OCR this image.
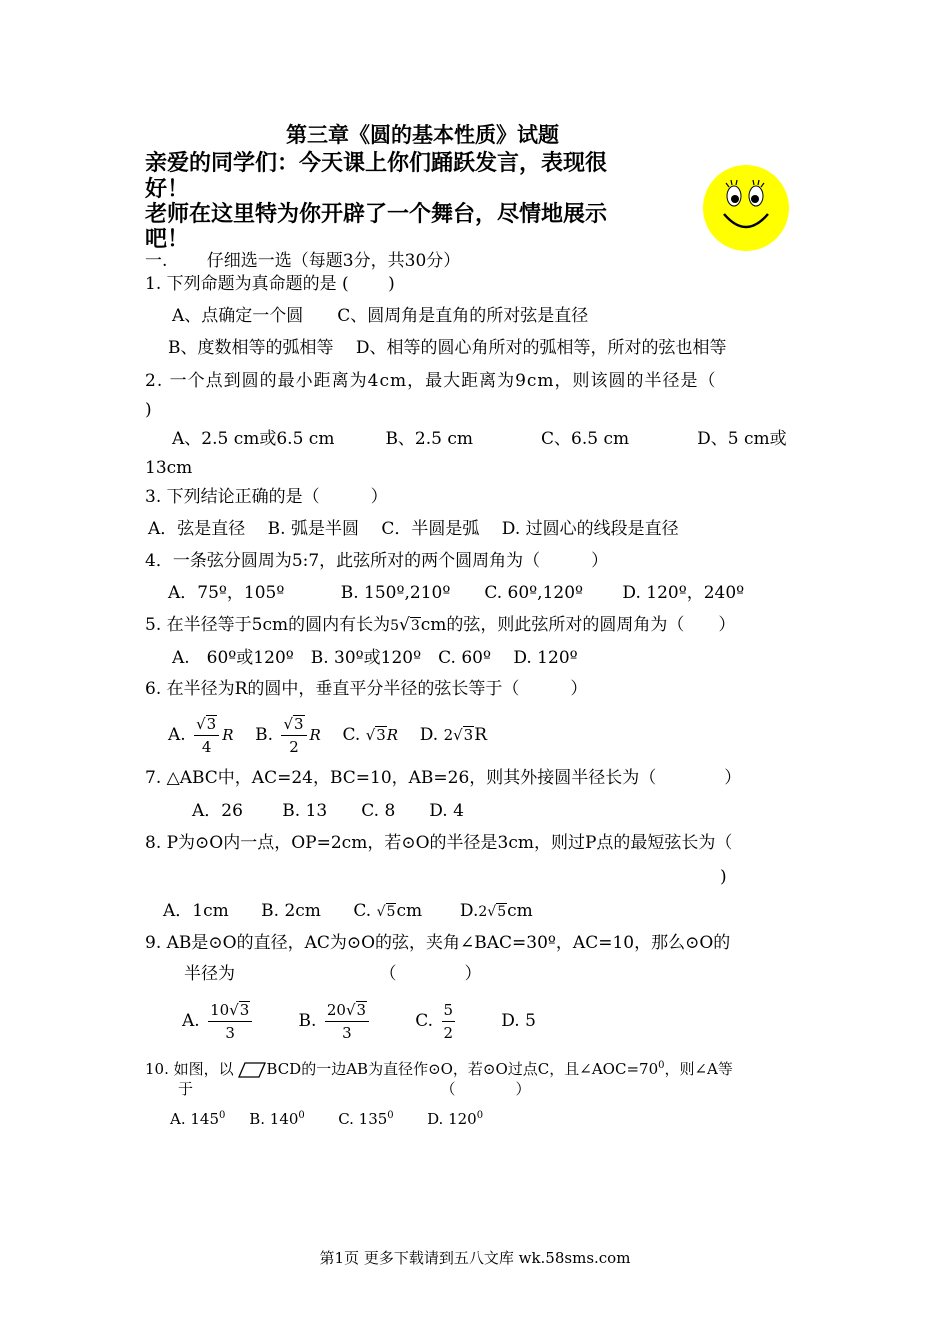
第三章《圆的基本性质》试题
亲爱的同学们：今天课上你们踊跃发言，表现很
好！
老师在这里特为你开辟了一个舞台，尽情地展示
吧！
一.　　 仔细选一选（每题3分，共30分）
1. 下列命题为真命题的是 (　　 )
A、点确定一个圆　　C、圆周角是直角的所对弦是直径
B、度数相等的弧相等　 D、相等的圆心角所对的弧相等，所对的弦也相等
2. 一个点到圆的最小距离为4cm，最大距离为9cm，则该圆的半径是（
)
A、2.5 cm或6.5 cm　　　B、2.5 cm　　　　C、6.5 cm　　　　D、5 cm或
13cm
3. 下列结论正确的是（　　　）
A．弦是直径　 B. 弧是半圆　 C．半圆是弧　 D. 过圆心的线段是直径
4．一条弦分圆周为5:7，此弦所对的两个圆周角为（　　　）
A．75º，105º　　　 B. 150º,210º　　C. 60º,120º　　 D. 120º，240º
5. 在半径等于5cm的圆内有长为5√3cm的弦，则此弦所对的圆周角为（　　）
A.　60º或120º　B. 30º或120º　C. 60º　 D. 120º
6. 在半径为R的圆中，垂直平分半径的弦长等于（　　　）
A. $\frac{√3}{4}$ R B. $\frac{√3}{2}$ R C. √3R D. 2√3R
7. △ABC中，AC=24，BC=10，AB=26，则其外接圆半径长为（　　　　）
A．26　　 B. 13　　C. 8　　D. 4
8. P为⊙O内一点，OP=2cm，若⊙O的半径是3cm，则过P点的最短弦长为（
)
A．1cm B. 2cm C. √5cm D.2√5cm
9. AB是⊙O的直径，AC为⊙O的弦，夹角∠BAC=30º，AC=10，那么⊙O的
半径为　　　　　　　　　（　　　　）
A. $\frac{10√3}{3}$	B. $\frac{20√3}{3}$	C. $\frac{5}{2}$	D. 5
10. 如图，以 BCD的一边AB为直径作⊙O，若⊙O过点C，且$\angle AOC=70^0$，则∠A等
于　　　　　　　　　　　　　　　　　（　　　　）
A. $145^0$ B. $140^0$ C. $135^0$ D. $120^0$
第1页 更多下载请到五八文库 wk.58sms.com
